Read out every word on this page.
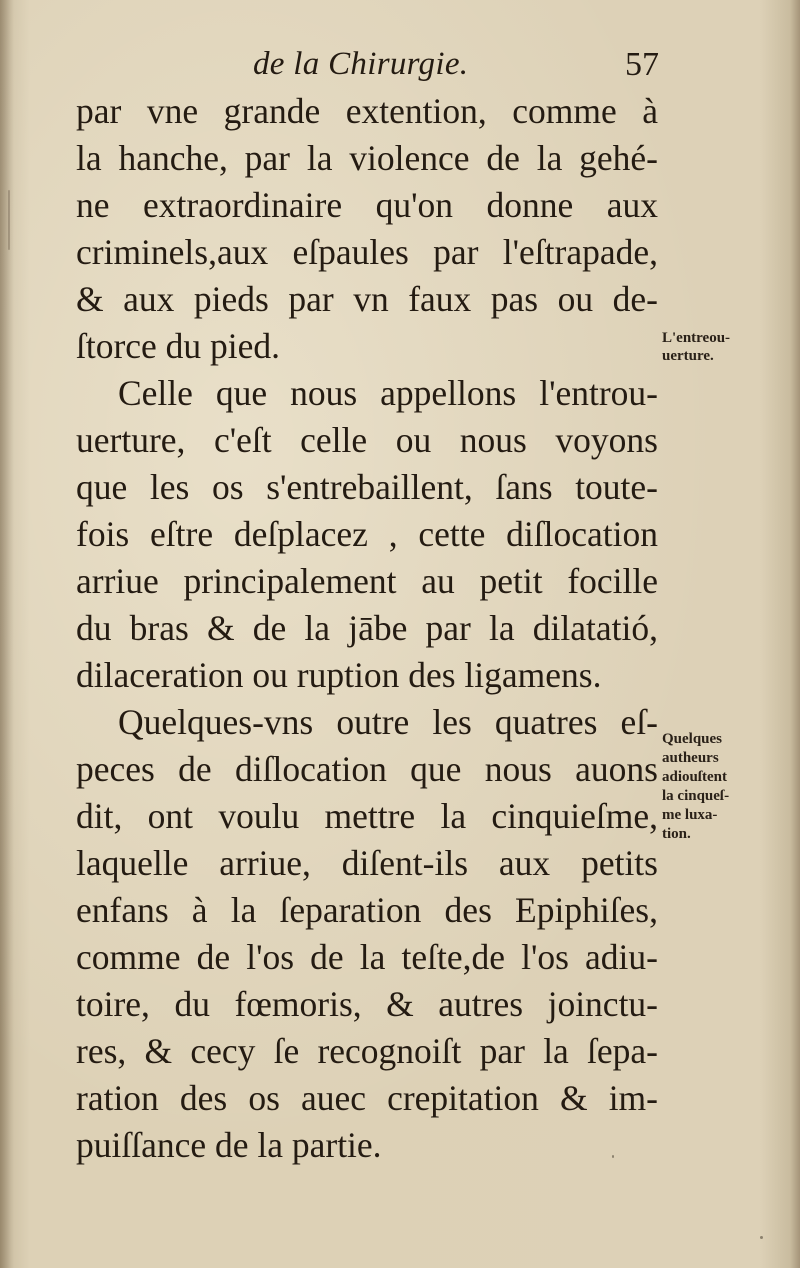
de la Chirurgie.	57
par vne grande extention, comme à
la hanche, par la violence de la gehé-
ne extraordinaire qu'on donne aux
criminels,aux eſpaules par l'eſtrapade,
& aux pieds par vn faux pas ou de-
ſtorce du pied.
Celle que nous appellons l'entrou-
uerture, c'eſt celle ou nous voyons
que les os s'entrebaillent, ſans toute-
fois eſtre deſplacez , cette diſlocation
arriue principalement au petit focille
du bras & de la jābe par la dilatatió,
dilaceration ou ruption des ligamens.
Quelques-vns outre les quatres eſ-
peces de diſlocation que nous auons
dit, ont voulu mettre la cinquieſme,
laquelle arriue, diſent-ils aux petits
enfans à la ſeparation des Epiphiſes,
comme de l'os de la teſte,de l'os adiu-
toire, du fœmoris, & autres joinctu-
res, & cecy ſe recognoiſt par la ſepa-
ration des os auec crepitation & im-
puiſſance de la partie.
L'entreou-
uerture.
Quelques
autheurs
adiouſtent
la cinqueſ-
me luxa-
tion.
